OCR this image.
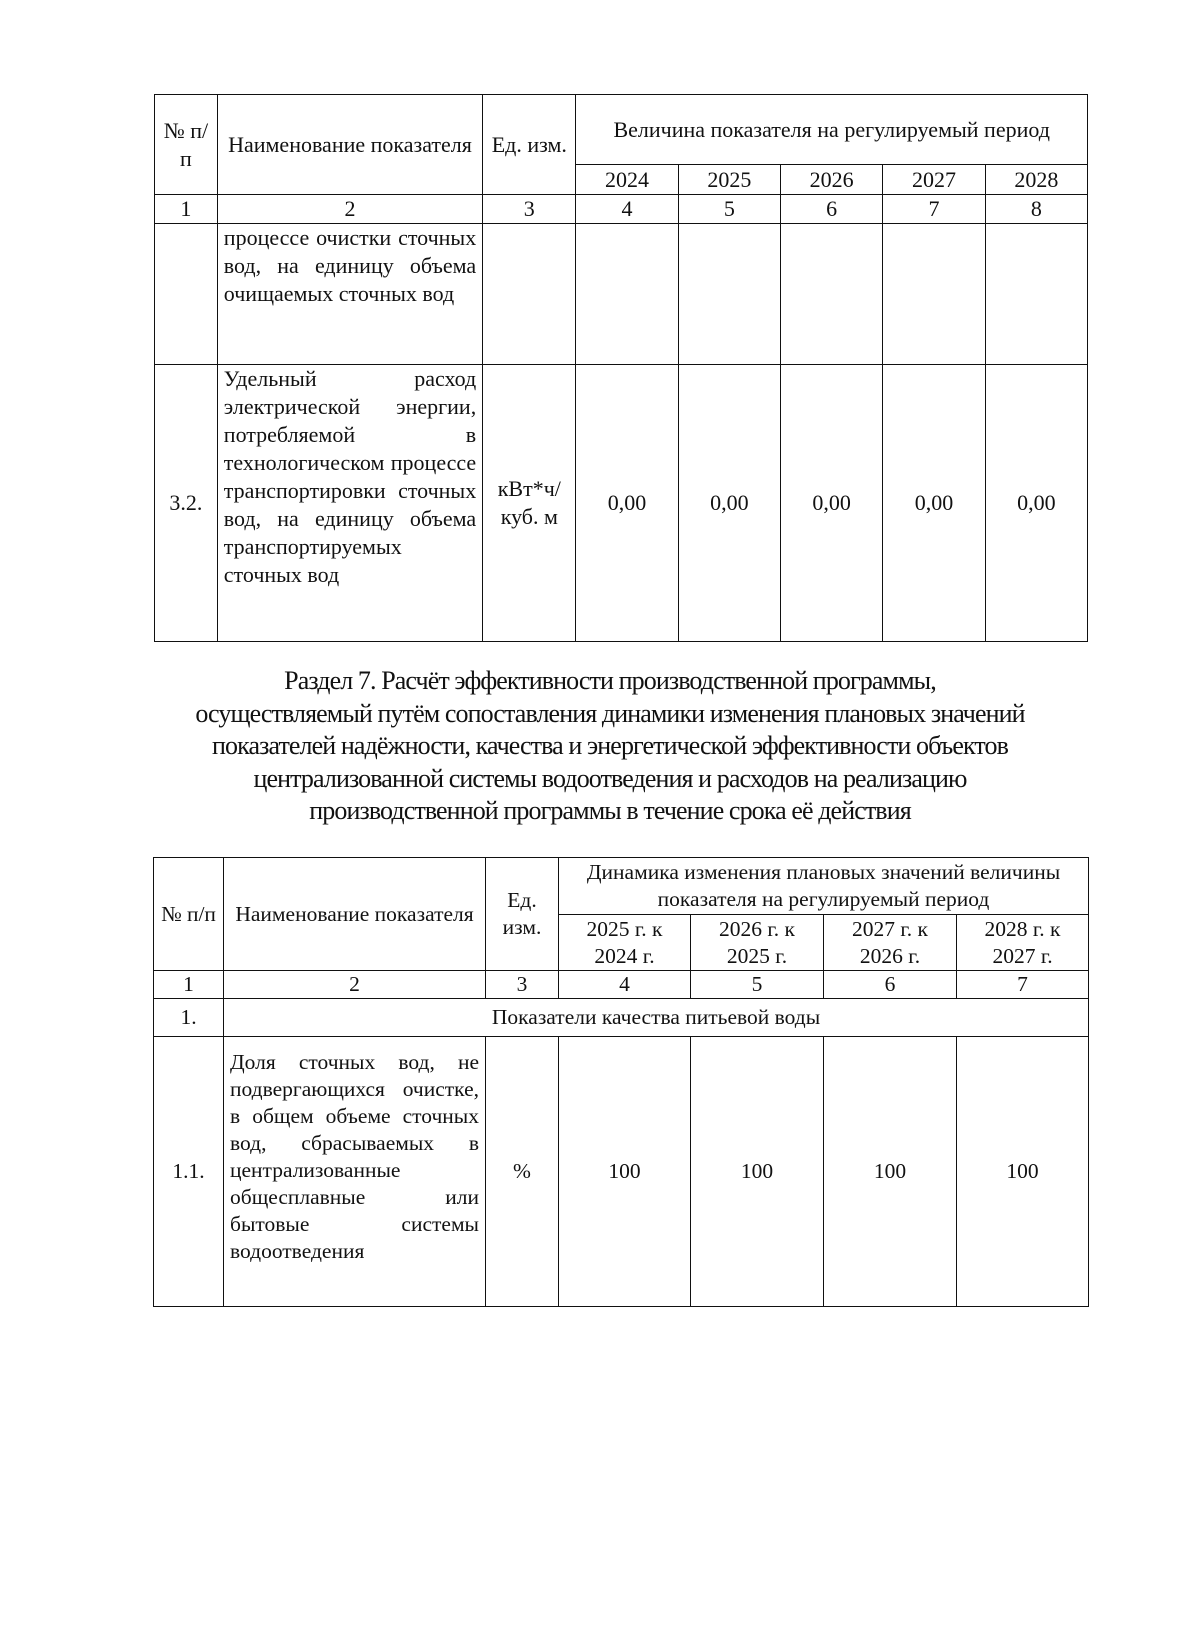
№ п/п	Наименование показателя	Ед. изм.	Величина показателя на регулируемый период				
			2024	2025	2026	2027	2028
1	2	3	4	5	6	7	8
	процессе очистки сточных вод, на единицу объема очищаемых сточных вод						
3.2.	Удельный расход электрической энергии, потребляемой в технологическом процессе транспортировки сточных вод, на единицу объема транспортируемых сточных вод	кВт*ч/ куб. м	0,00	0,00	0,00	0,00	0,00
Раздел 7. Расчёт эффективности производственной программы,
осуществляемый путём сопоставления динамики изменения плановых значений
показателей надёжности, качества и энергетической эффективности объектов
централизованной системы водоотведения и расходов на реализацию
производственной программы в течение срока её действия
№ п/п	Наименование показателя	Ед. изм.	Динамика изменения плановых значений величины показателя на регулируемый период			
			2025 г. к 2024 г.	2026 г. к 2025 г.	2027 г. к 2026 г.	2028 г. к 2027 г.
1	2	3	4	5	6	7
1.	Показатели качества питьевой воды					
1.1.	Доля сточных вод, не подвергающихся очистке, в общем объеме сточных вод, сбрасываемых в централизованные общесплавные или бытовые системы водоотведения	%	100	100	100	100
